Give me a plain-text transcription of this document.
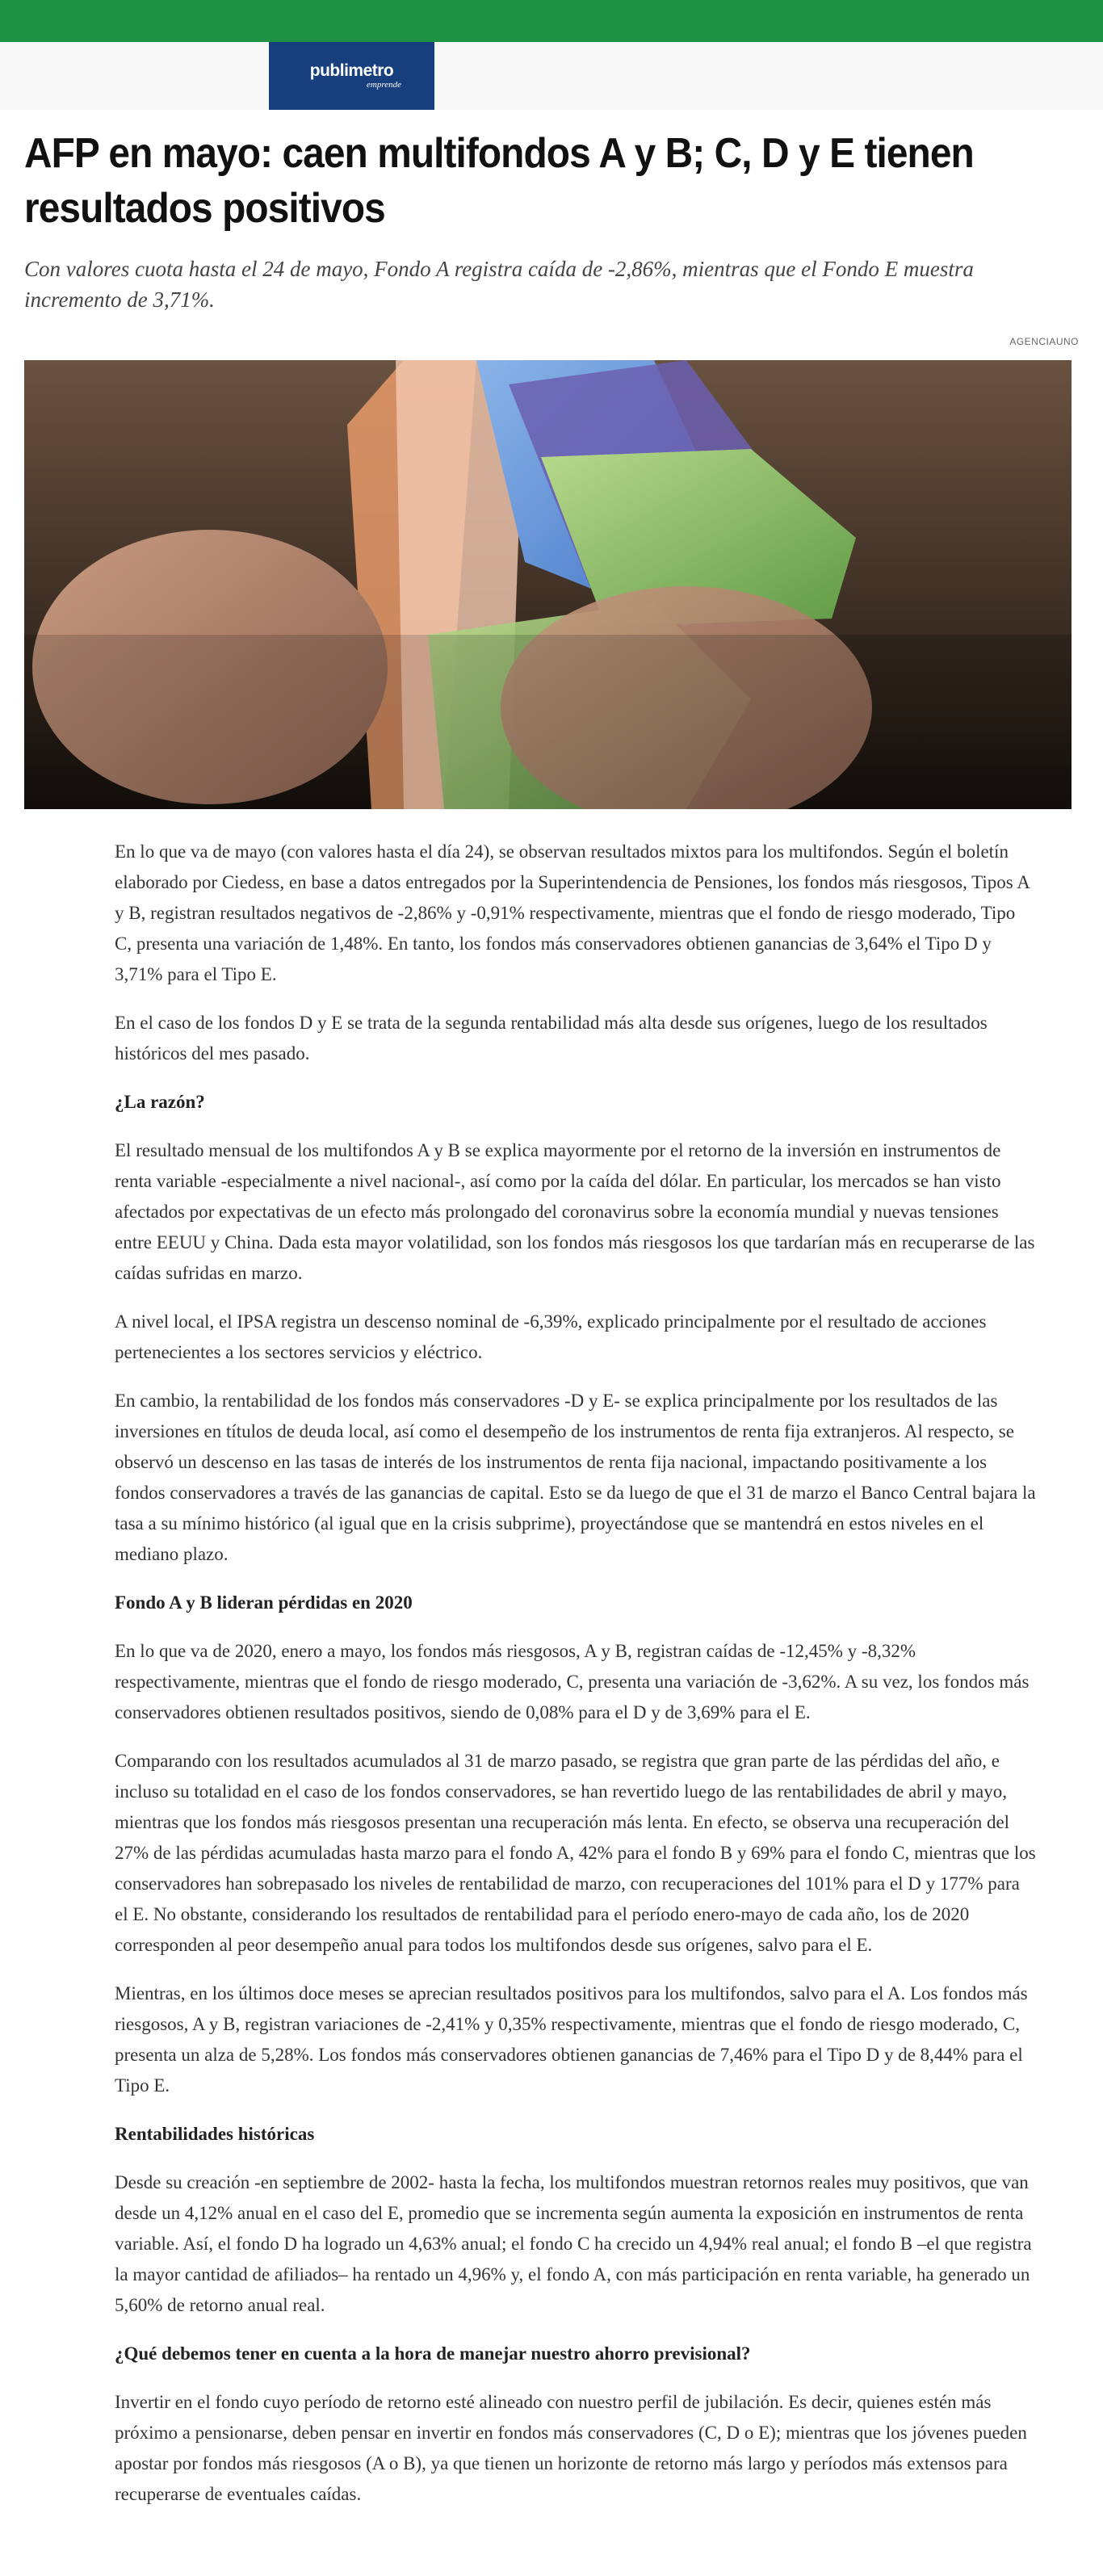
publimetro
emprende
AFP en mayo: caen multifondos A y B; C, D y E tienen resultados positivos

Con valores cuota hasta el 24 de mayo, Fondo A registra caída de -2,86%, mientras que el Fondo E muestra incremento de 3,71%.

AGENCIAUNO

En lo que va de mayo (con valores hasta el día 24), se observan resultados mixtos para los multifondos. Según el boletín elaborado por Ciedess, en base a datos entregados por la Superintendencia de Pensiones, los fondos más riesgosos, Tipos A y B, registran resultados negativos de -2,86% y -0,91% respectivamente, mientras que el fondo de riesgo moderado, Tipo C, presenta una variación de 1,48%. En tanto, los fondos más conservadores obtienen ganancias de 3,64% el Tipo D y 3,71% para el Tipo E.

En el caso de los fondos D y E se trata de la segunda rentabilidad más alta desde sus orígenes, luego de los resultados históricos del mes pasado.

¿La razón?

El resultado mensual de los multifondos A y B se explica mayormente por el retorno de la inversión en instrumentos de renta variable -especialmente a nivel nacional-, así como por la caída del dólar. En particular, los mercados se han visto afectados por expectativas de un efecto más prolongado del coronavirus sobre la economía mundial y nuevas tensiones entre EEUU y China. Dada esta mayor volatilidad, son los fondos más riesgosos los que tardarían más en recuperarse de las caídas sufridas en marzo.

A nivel local, el IPSA registra un descenso nominal de -6,39%, explicado principalmente por el resultado de acciones pertenecientes a los sectores servicios y eléctrico.

En cambio, la rentabilidad de los fondos más conservadores -D y E- se explica principalmente por los resultados de las inversiones en títulos de deuda local, así como el desempeño de los instrumentos de renta fija extranjeros. Al respecto, se observó un descenso en las tasas de interés de los instrumentos de renta fija nacional, impactando positivamente a los fondos conservadores a través de las ganancias de capital. Esto se da luego de que el 31 de marzo el Banco Central bajara la tasa a su mínimo histórico (al igual que en la crisis subprime), proyectándose que se mantendrá en estos niveles en el mediano plazo.

Fondo A y B lideran pérdidas en 2020

En lo que va de 2020, enero a mayo, los fondos más riesgosos, A y B, registran caídas de -12,45% y -8,32% respectivamente, mientras que el fondo de riesgo moderado, C, presenta una variación de -3,62%. A su vez, los fondos más conservadores obtienen resultados positivos, siendo de 0,08% para el D y de 3,69% para el E.

Comparando con los resultados acumulados al 31 de marzo pasado, se registra que gran parte de las pérdidas del año, e incluso su totalidad en el caso de los fondos conservadores, se han revertido luego de las rentabilidades de abril y mayo, mientras que los fondos más riesgosos presentan una recuperación más lenta. En efecto, se observa una recuperación del 27% de las pérdidas acumuladas hasta marzo para el fondo A, 42% para el fondo B y 69% para el fondo C, mientras que los conservadores han sobrepasado los niveles de rentabilidad de marzo, con recuperaciones del 101% para el D y 177% para el E. No obstante, considerando los resultados de rentabilidad para el período enero-mayo de cada año, los de 2020 corresponden al peor desempeño anual para todos los multifondos desde sus orígenes, salvo para el E.

Mientras, en los últimos doce meses se aprecian resultados positivos para los multifondos, salvo para el A. Los fondos más riesgosos, A y B, registran variaciones de -2,41% y 0,35% respectivamente, mientras que el fondo de riesgo moderado, C, presenta un alza de 5,28%. Los fondos más conservadores obtienen ganancias de 7,46% para el Tipo D y de 8,44% para el Tipo E.

Rentabilidades históricas

Desde su creación -en septiembre de 2002- hasta la fecha, los multifondos muestran retornos reales muy positivos, que van desde un 4,12% anual en el caso del E, promedio que se incrementa según aumenta la exposición en instrumentos de renta variable. Así, el fondo D ha logrado un 4,63% anual; el fondo C ha crecido un 4,94% real anual; el fondo B –el que registra la mayor cantidad de afiliados– ha rentado un 4,96% y, el fondo A, con más participación en renta variable, ha generado un 5,60% de retorno anual real.

¿Qué debemos tener en cuenta a la hora de manejar nuestro ahorro previsional?

Invertir en el fondo cuyo período de retorno esté alineado con nuestro perfil de jubilación. Es decir, quienes estén más próximo a pensionarse, deben pensar en invertir en fondos más conservadores (C, D o E); mientras que los jóvenes pueden apostar por fondos más riesgosos (A o B), ya que tienen un horizonte de retorno más largo y períodos más extensos para recuperarse de eventuales caídas.
